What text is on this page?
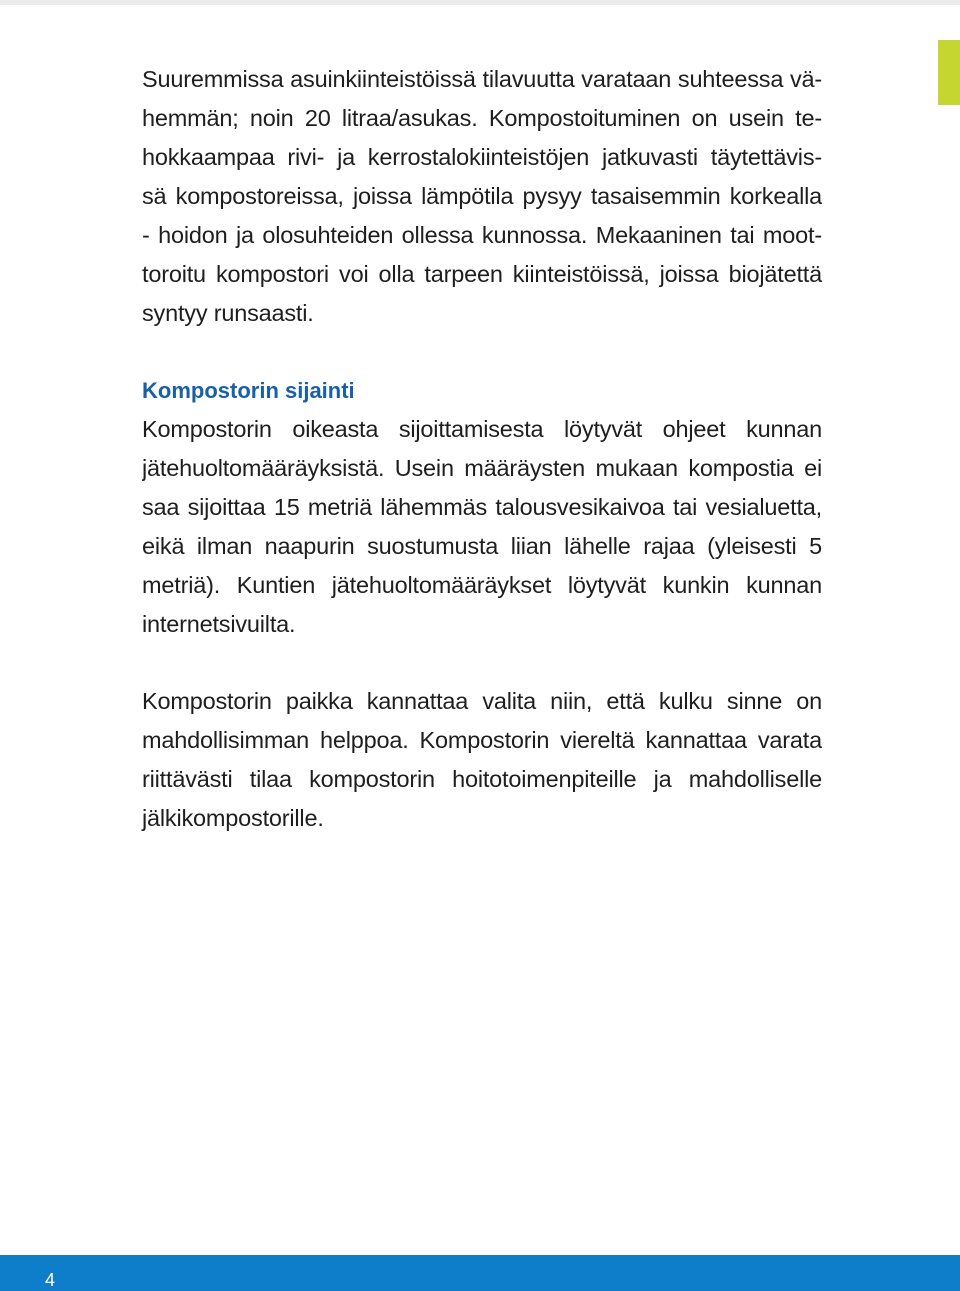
Suuremmissa asuinkiinteistöissä tilavuutta varataan suhteessa vä-
hemmän; noin 20 litraa/asukas. Kompostoituminen on usein te-
hokkaampaa rivi- ja kerrostalokiinteistöjen jatkuvasti täytettävis-
sä kompostoreissa, joissa lämpötila pysyy tasaisemmin korkealla
- hoidon ja olosuhteiden ollessa kunnossa. Mekaaninen tai moot-
toroitu kompostori voi olla tarpeen kiinteistöissä, joissa biojätettä
syntyy runsaasti.
Kompostorin sijainti
Kompostorin oikeasta sijoittamisesta löytyvät ohjeet kunnan
jätehuoltomääräyksistä. Usein määräysten mukaan kompostia ei
saa sijoittaa 15 metriä lähemmäs talousvesikaivoa tai vesialuetta,
eikä ilman naapurin suostumusta liian lähelle rajaa (yleisesti 5
metriä). Kuntien jätehuoltomääräykset löytyvät kunkin kunnan
internetsivuilta.
Kompostorin paikka kannattaa valita niin, että kulku sinne on
mahdollisimman helppoa. Kompostorin viereltä kannattaa varata
riittävästi tilaa kompostorin hoitotoimenpiteille ja mahdolliselle
jälkikompostorille.
4
